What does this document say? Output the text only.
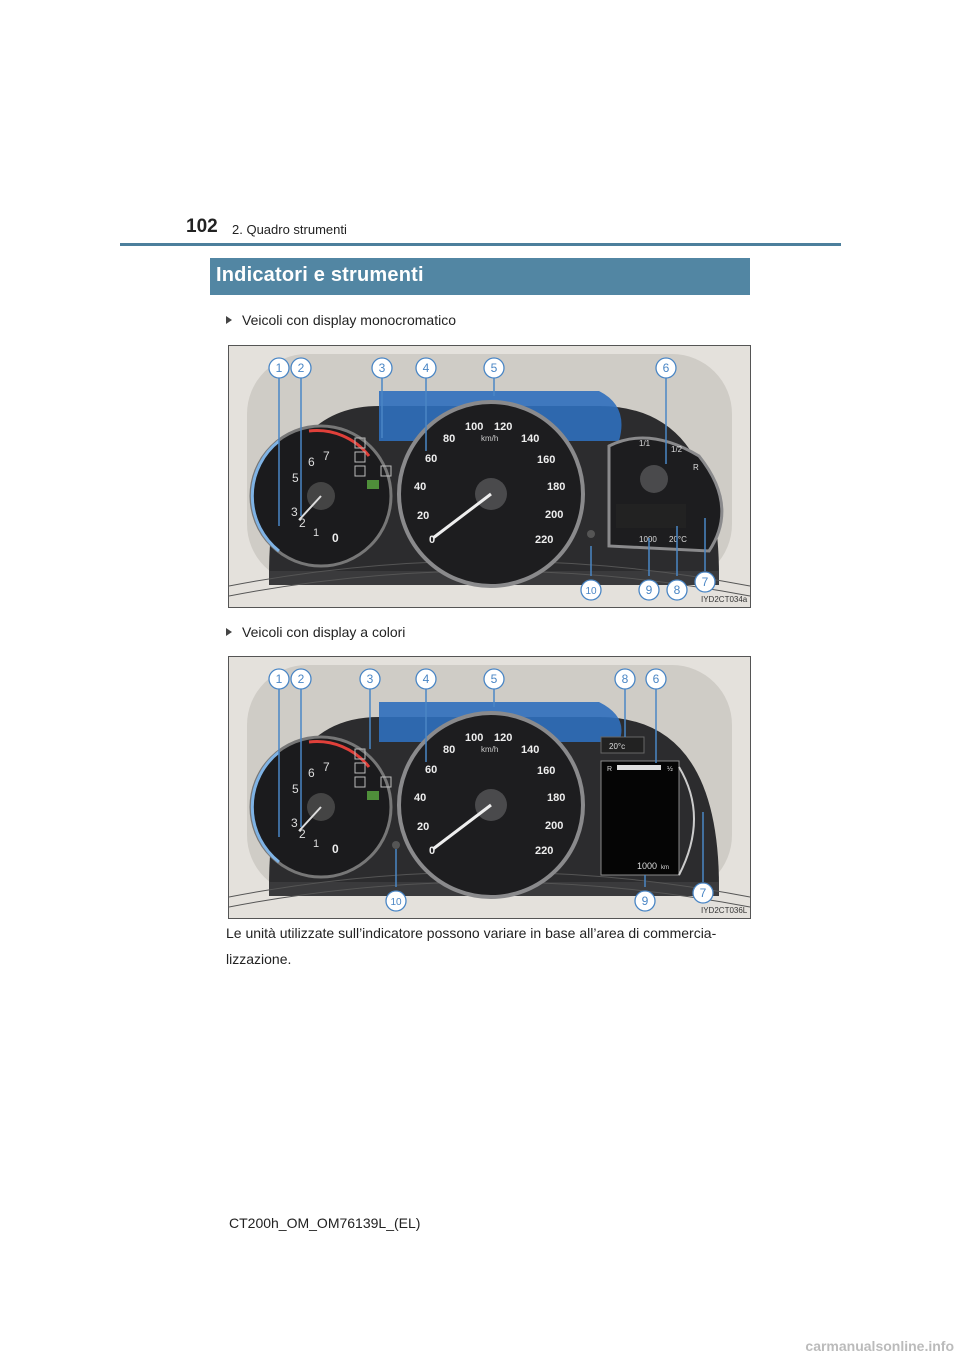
102 2. Quadro strumenti
Indicatori e strumenti
Veicoli con display monocromatico
0
1
2
3
5
6 7
0
20
40
60
80
100 120
140
160
180
200
220
km/h
1/1
1/2
R
1000 20°C
1 2	3	4	5	6
10	9 8
7
IYD2CT034a
Veicoli con display a colori
0
1
2
3
5
6 7
0
20
40
60
80
100 120
140
160
180
200
220
km/h	20°c
R	½
1000 km
1 2	3	4	5	8 6
10	9
7
IYD2CT036L
Le unità utilizzate sull’indicatore possono variare in base all’area di commercia-lizzazione.
CT200h_OM_OM76139L_(EL)
carmanualsonline.info
